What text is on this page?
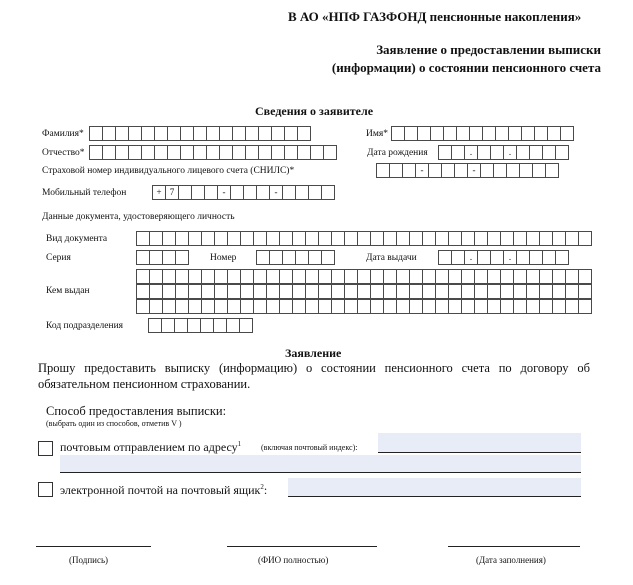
В АО «НПФ ГАЗФОНД пенсионные накопления»
Заявление о предоставлении выписки
(информации) о состоянии пенсионного счета
Сведения о заявителе
Фамилия*	Имя*
Отчество*	Дата рождения	.	.
Страховой номер индивидуального лицевого счета (СНИЛС)*	-	-
Мобильный телефон	+ 7	-	-
Данные документа, удостоверяющего личность
Вид документа
Серия	Номер	Дата выдачи	.	.
Кем выдан
Код подразделения
Заявление
Прошу предоставить выписку (информацию) о состоянии пенсионного счета по договору об
обязательном пенсионном страховании.
Способ предоставления выписки:
(выбрать один из способов, отметив V )
почтовым отправлением по адресу$^1$ (включая почтовый индекс):
электронной почтой на почтовый ящик$^2$:
(Подпись)	(ФИО полностью)	(Дата заполнения)
